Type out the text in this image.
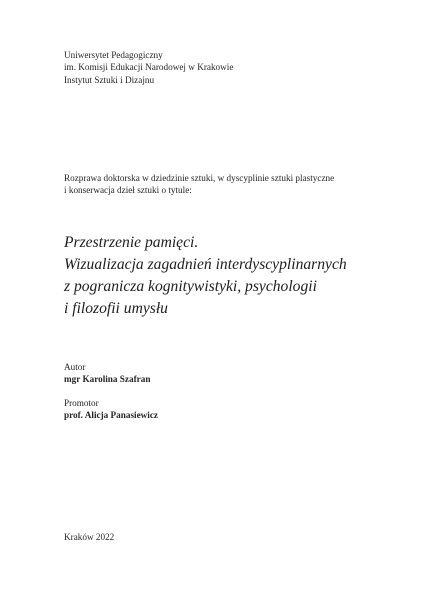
Uniwersytet Pedagogiczny
im. Komisji Edukacji Narodowej w Krakowie
Instytut Sztuki i Dizajnu
Rozprawa doktorska w dziedzinie sztuki, w dyscyplinie sztuki plastyczne
i konserwacja dzieł sztuki o tytule:
Przestrzenie pamięci.
Wizualizacja zagadnień interdyscyplinarnych
z pogranicza kognitywistyki, psychologii
i filozofii umysłu
Autor
mgr Karolina Szafran
Promotor
prof. Alicja Panasiewicz
Kraków 2022
